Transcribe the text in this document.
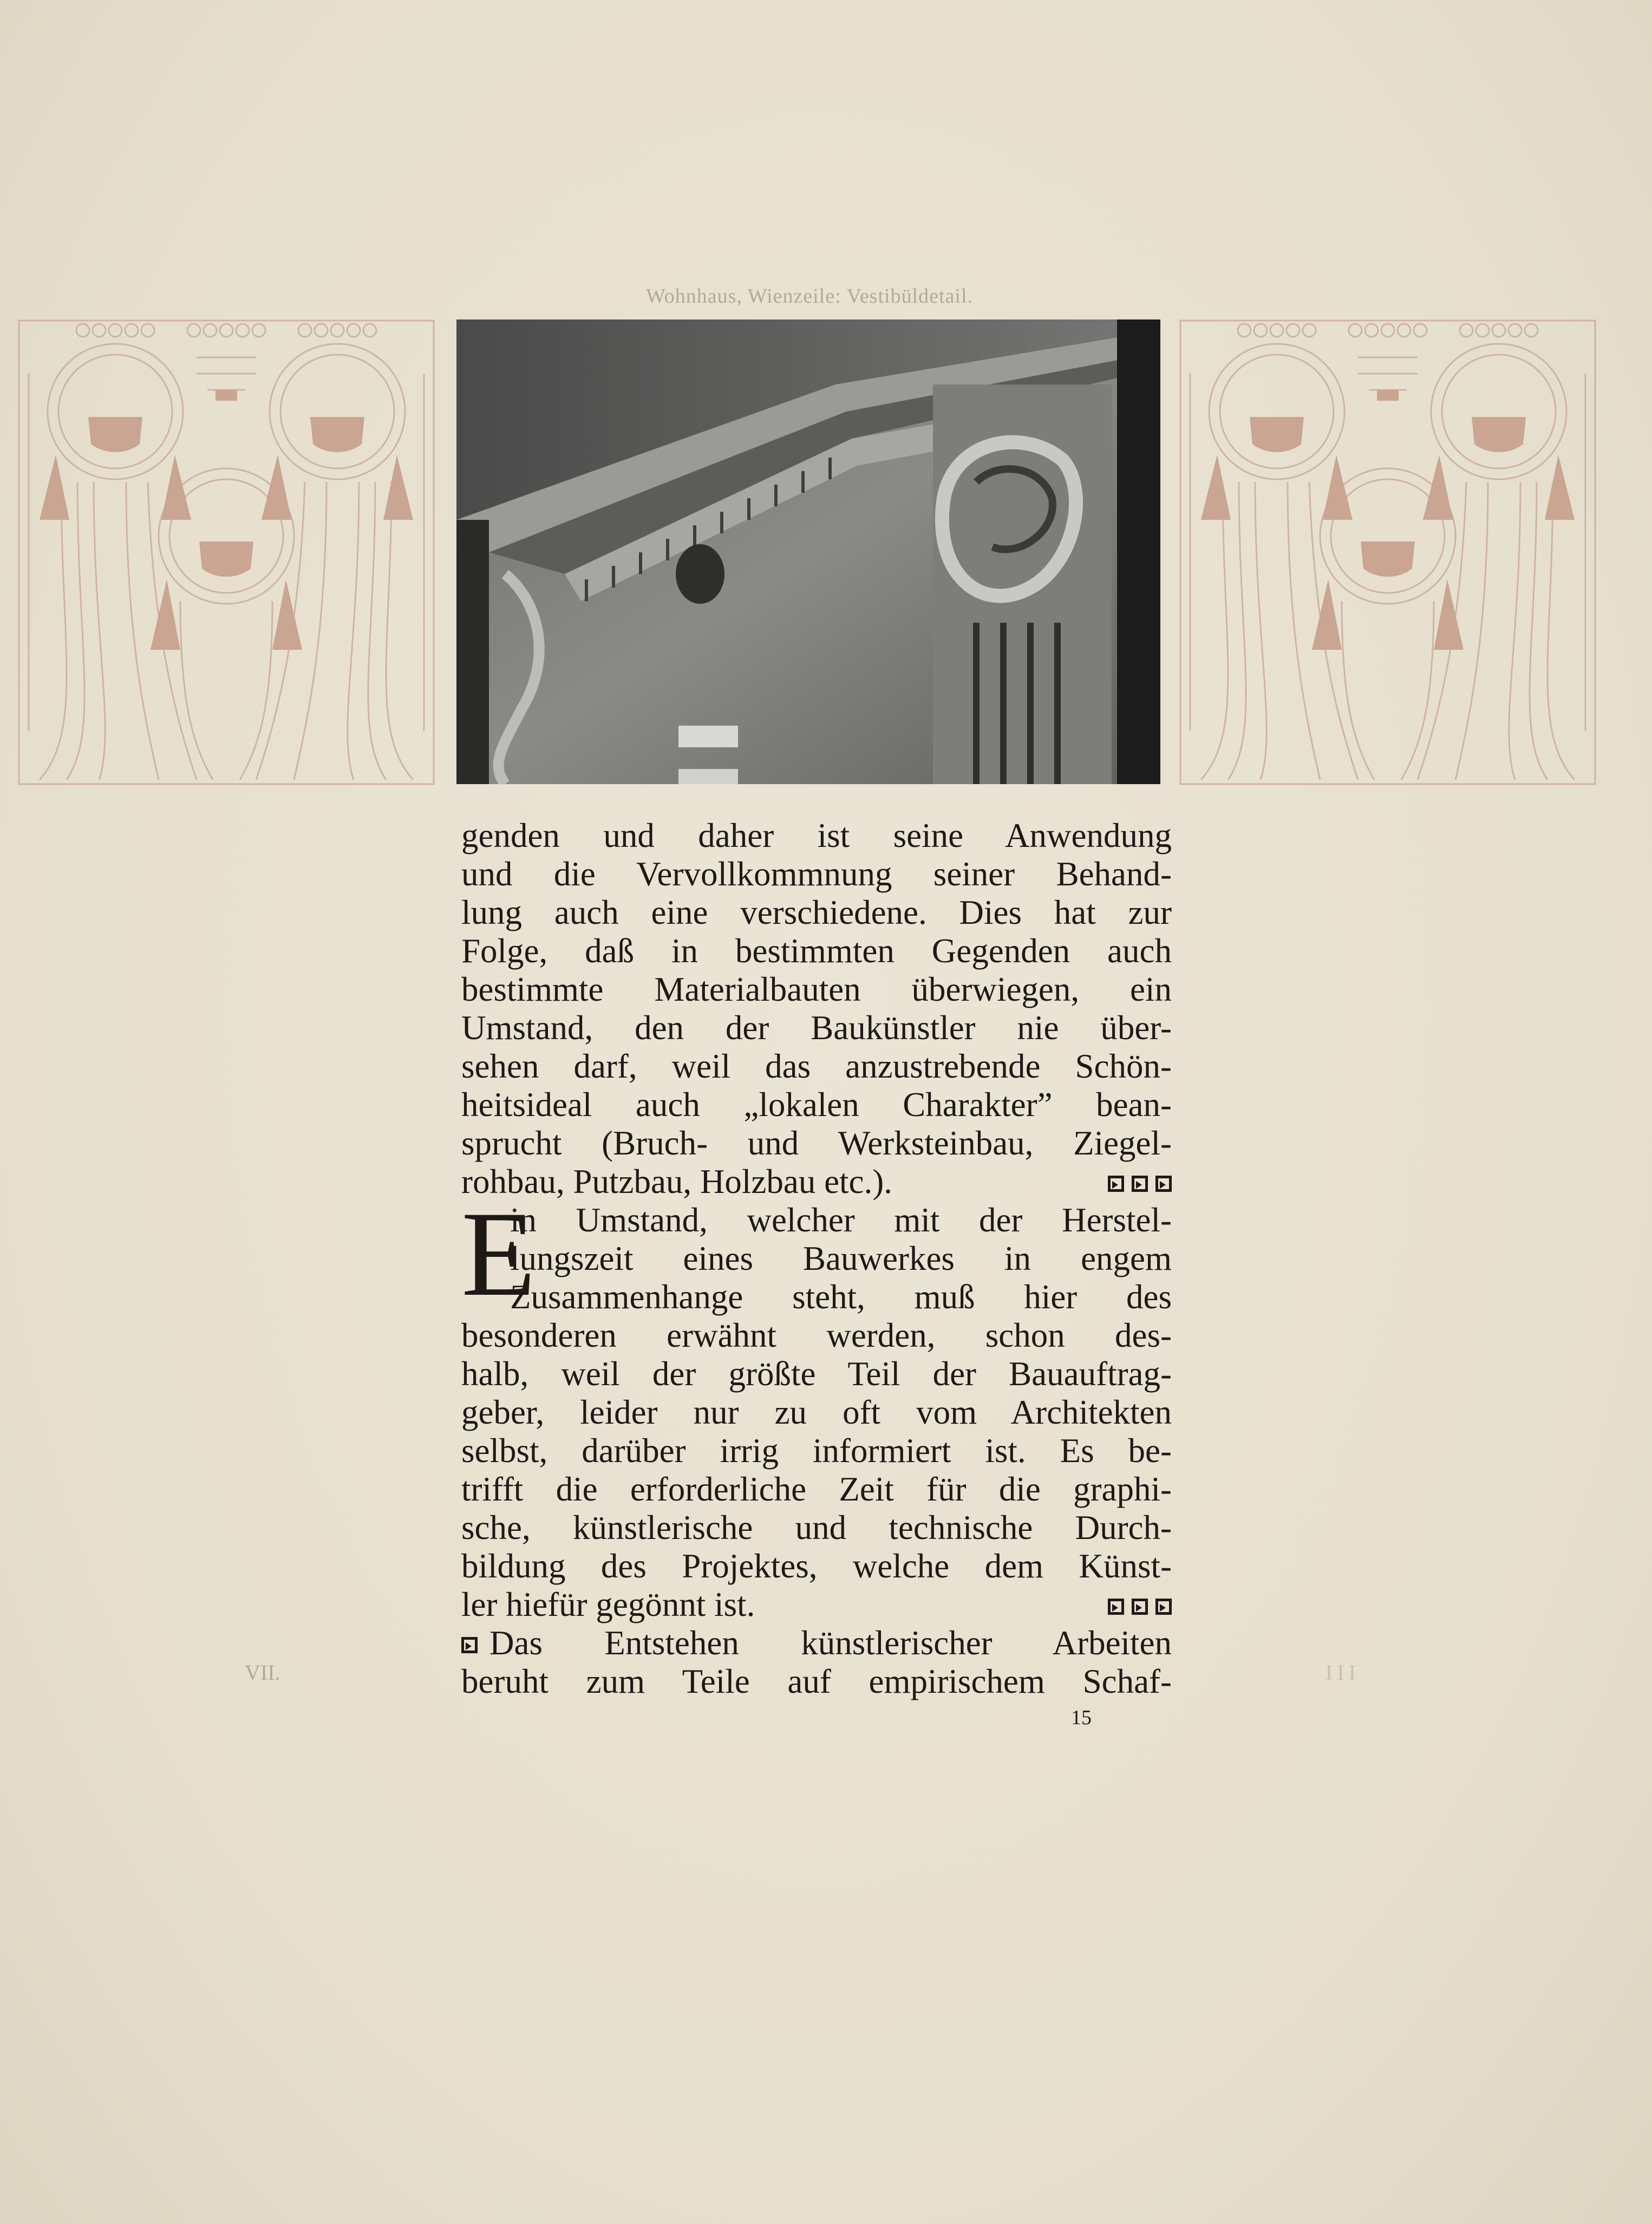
Wohnhaus, Wienzeile: Vestibüldetail.
genden und daher ist seine Anwendung
und die Vervollkommnung seiner Behand-
lung auch eine verschiedene. Dies hat zur
Folge, daß in bestimmten Gegenden auch
bestimmte Materialbauten überwiegen, ein
Umstand, den der Baukünstler nie über-
sehen darf, weil das anzustrebende Schön-
heitsideal auch „lokalen Charakter” bean-
sprucht (Bruch- und Werksteinbau, Ziegel-
rohbau, Putzbau, Holzbau etc.).
in Umstand, welcher mit der Herstel-
lungszeit eines Bauwerkes in engem
Zusammenhange steht, muß hier des
besonderen erwähnt werden, schon des-
halb, weil der größte Teil der Bauauftrag-
geber, leider nur zu oft vom Architekten
selbst, darüber irrig informiert ist. Es be-
trifft die erforderliche Zeit für die graphi-
sche, künstlerische und technische Durch-
bildung des Projektes, welche dem Künst-
ler hiefür gegönnt ist.
Das Entstehen künstlerischer Arbeiten
beruht zum Teile auf empirischem Schaf-
E
VII.	III
15
